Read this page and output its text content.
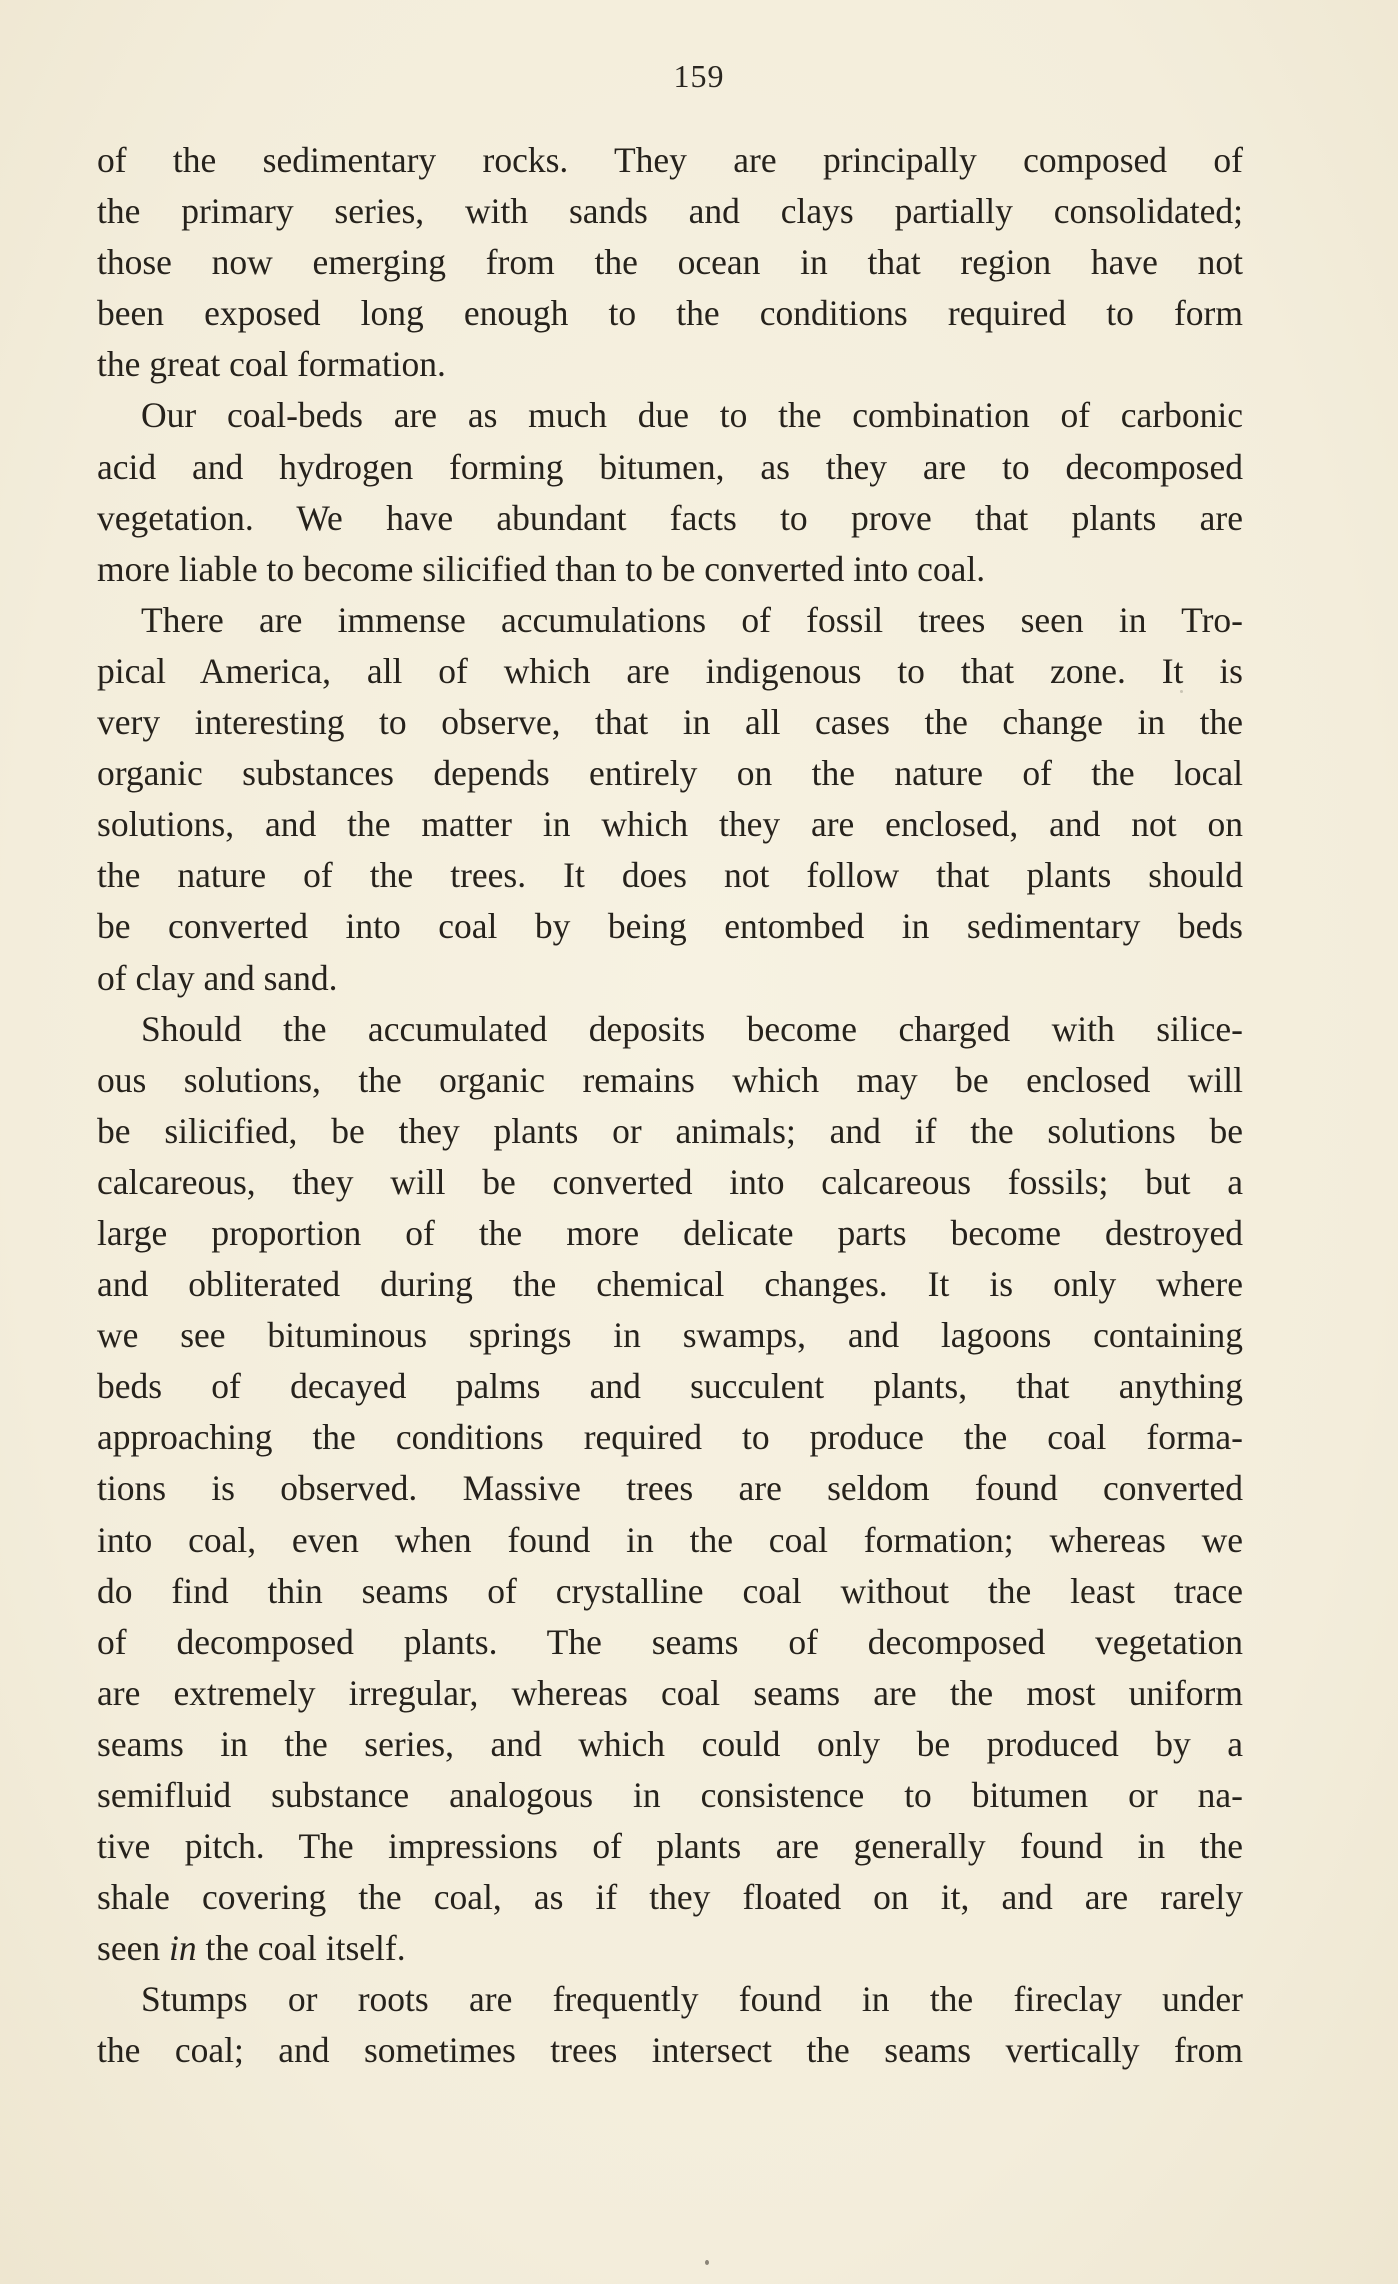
159
of the sedimentary rocks. They are principally composed of
the primary series, with sands and clays partially consolidated;
those now emerging from the ocean in that region have not
been exposed long enough to the conditions required to form
the great coal formation.
Our coal-beds are as much due to the combination of carbonic
acid and hydrogen forming bitumen, as they are to decomposed
vegetation. We have abundant facts to prove that plants are
more liable to become silicified than to be converted into coal.
There are immense accumulations of fossil trees seen in Tro-
pical America, all of which are indigenous to that zone. It is
very interesting to observe, that in all cases the change in the
organic substances depends entirely on the nature of the local
solutions, and the matter in which they are enclosed, and not on
the nature of the trees. It does not follow that plants should
be converted into coal by being entombed in sedimentary beds
of clay and sand.
Should the accumulated deposits become charged with silice-
ous solutions, the organic remains which may be enclosed will
be silicified, be they plants or animals; and if the solutions be
calcareous, they will be converted into calcareous fossils; but a
large proportion of the more delicate parts become destroyed
and obliterated during the chemical changes. It is only where
we see bituminous springs in swamps, and lagoons containing
beds of decayed palms and succulent plants, that anything
approaching the conditions required to produce the coal forma-
tions is observed. Massive trees are seldom found converted
into coal, even when found in the coal formation; whereas we
do find thin seams of crystalline coal without the least trace
of decomposed plants. The seams of decomposed vegetation
are extremely irregular, whereas coal seams are the most uniform
seams in the series, and which could only be produced by a
semifluid substance analogous in consistence to bitumen or na-
tive pitch. The impressions of plants are generally found in the
shale covering the coal, as if they floated on it, and are rarely
seen in the coal itself.
Stumps or roots are frequently found in the fireclay under
the coal; and sometimes trees intersect the seams vertically from
